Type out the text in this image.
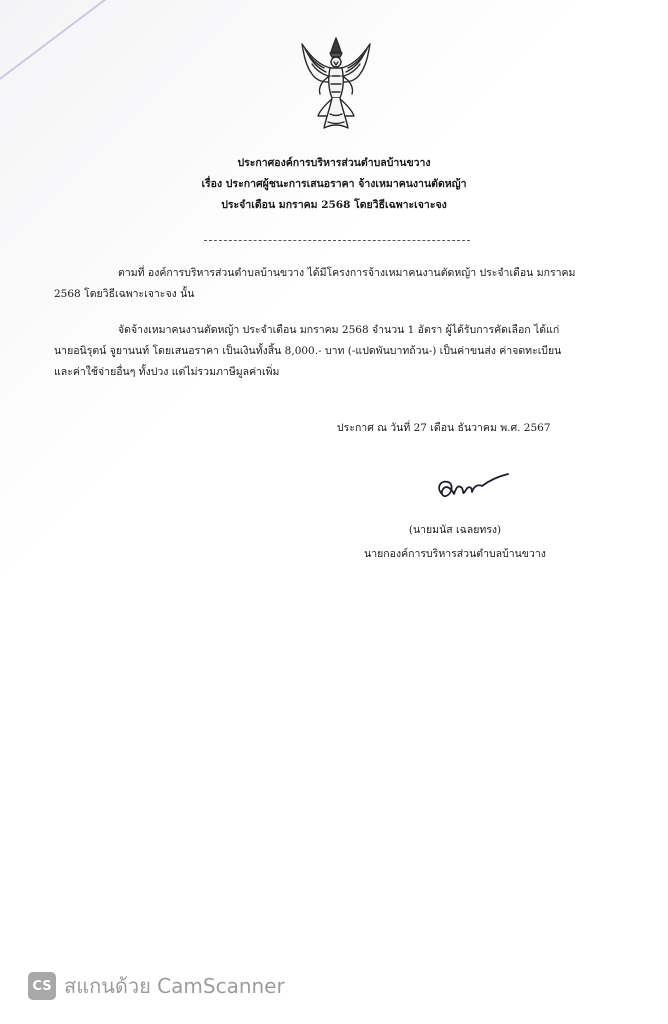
ประกาศองค์การบริหารส่วนตำบลบ้านขวาง
เรื่อง ประกาศผู้ชนะการเสนอราคา จ้างเหมาคนงานตัดหญ้า
ประจำเดือน มกราคม 2568 โดยวิธีเฉพาะเจาะจง
ตามที่ องค์การบริหารส่วนตำบลบ้านขวาง ได้มีโครงการจ้างเหมาคนงานตัดหญ้า ประจำเดือน มกราคม
2568 โดยวิธีเฉพาะเจาะจง นั้น
จัดจ้างเหมาคนงานตัดหญ้า ประจำเดือน มกราคม 2568 จำนวน 1 อัตรา ผู้ได้รับการคัดเลือก ได้แก่
นายอนิรุตน์ จูยานนท์ โดยเสนอราคา เป็นเงินทั้งสิ้น 8,000.- บาท (-แปดพันบาทถ้วน-) เป็นค่าขนส่ง ค่าจดทะเบียน
และค่าใช้จ่ายอื่นๆ ทั้งปวง แต่ไม่รวมภาษีมูลค่าเพิ่ม
ประกาศ ณ วันที่ 27 เดือน ธันวาคม พ.ศ. 2567
(นายมนัส เฉลยทรง)
นายกองค์การบริหารส่วนตำบลบ้านขวาง
CS สแกนด้วย CamScanner
